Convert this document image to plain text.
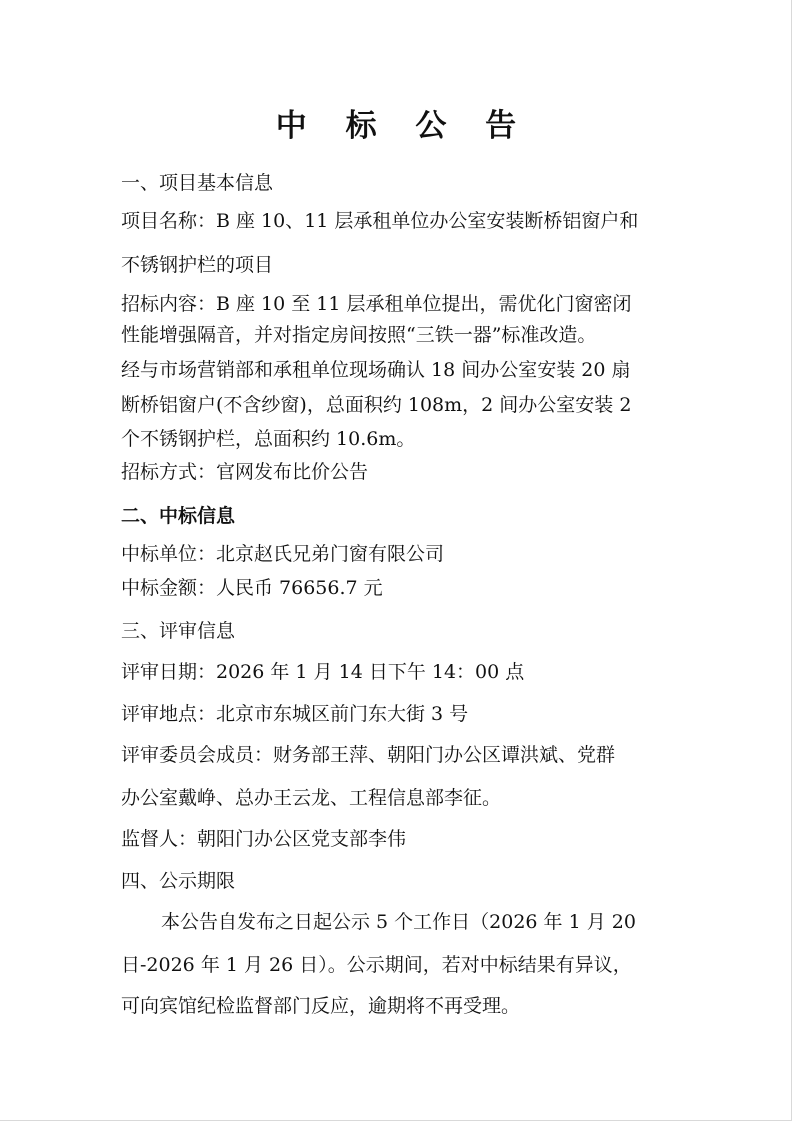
中 标 公 告
一、项目基本信息
项目名称：B 座 10、11 层承租单位办公室安装断桥铝窗户和
不锈钢护栏的项目
招标内容：B 座 10 至 11 层承租单位提出，需优化门窗密闭
性能增强隔音，并对指定房间按照“三铁一器”标准改造。
经与市场营销部和承租单位现场确认 18 间办公室安装 20 扇
断桥铝窗户(不含纱窗)，总面积约 108m，2 间办公室安装 2
个不锈钢护栏，总面积约 10.6m。
招标方式：官网发布比价公告
二、中标信息
中标单位：北京赵氏兄弟门窗有限公司
中标金额：人民币 76656.7 元
三、评审信息
评审日期：2026 年 1 月 14 日下午 14：00 点
评审地点：北京市东城区前门东大街 3 号
评审委员会成员：财务部王萍、朝阳门办公区谭洪斌、党群
办公室戴峥、总办王云龙、工程信息部李征。
监督人：朝阳门办公区党支部李伟
四、公示期限
本公告自发布之日起公示 5 个工作日（2026 年 1 月 20
日-2026 年 1 月 26 日）。公示期间，若对中标结果有异议，
可向宾馆纪检监督部门反应，逾期将不再受理。
